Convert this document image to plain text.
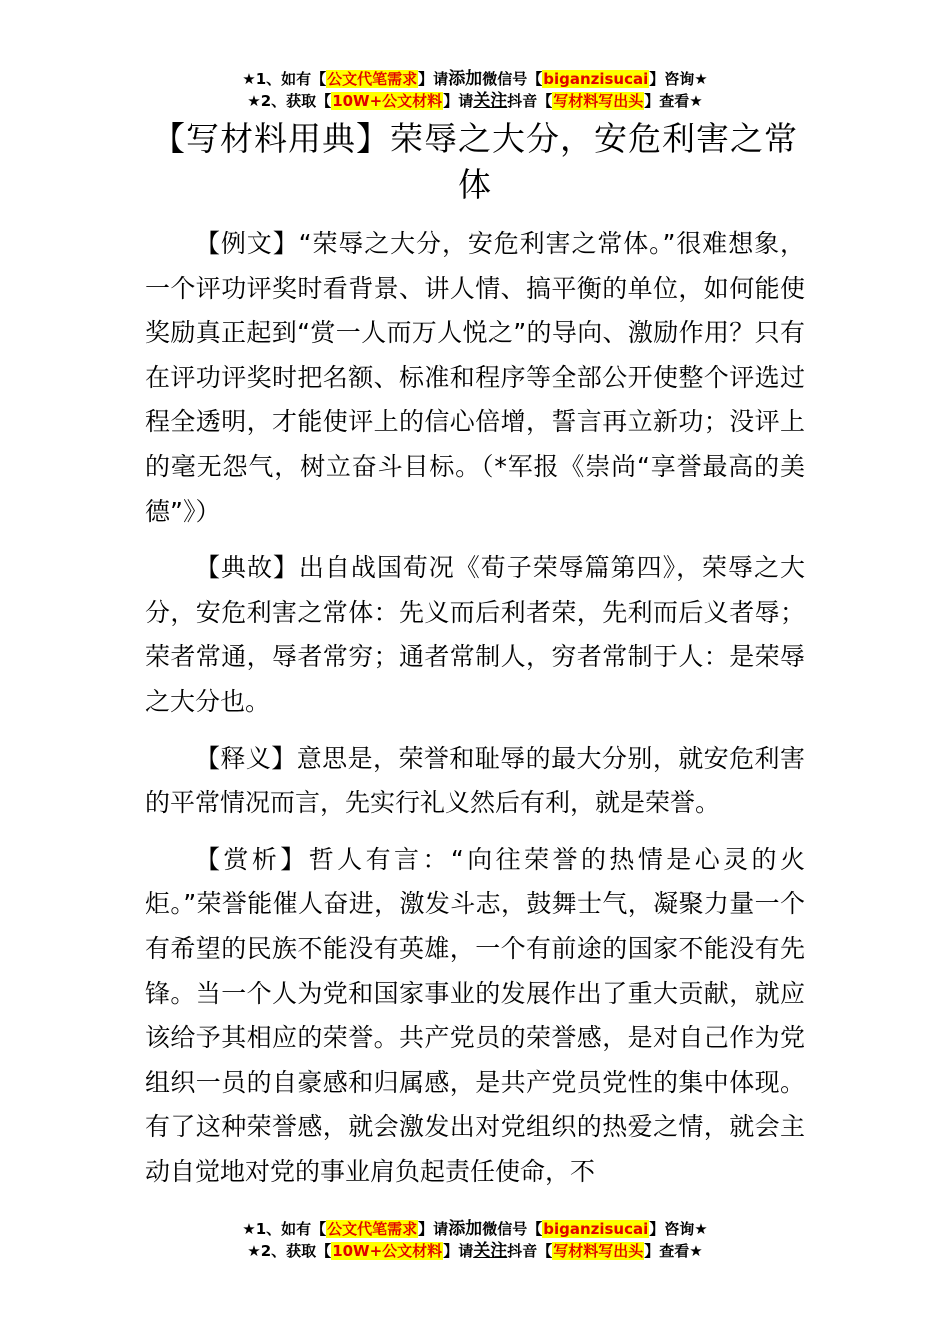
★1、如有【公文代笔需求】请添加微信号【biganzisucai】咨询★
★2、获取【10W+公文材料】请关注抖音【写材料写出头】查看★
【写材料用典】荣辱之大分，安危利害之常体

【例文】“荣辱之大分，安危利害之常体。”很难想象，一个评功评奖时看背景、讲人情、搞平衡的单位，如何能使奖励真正起到“赏一人而万人悦之”的导向、激励作用？只有在评功评奖时把名额、标准和程序等全部公开使整个评选过程全透明，才能使评上的信心倍增，誓言再立新功；没评上的毫无怨气，树立奋斗目标。（*军报《崇尚“享誉最高的美德”》）

【典故】出自战国荀况《荀子荣辱篇第四》，荣辱之大分，安危利害之常体：先义而后利者荣，先利而后义者辱；荣者常通，辱者常穷；通者常制人，穷者常制于人：是荣辱之大分也。

【释义】意思是，荣誉和耻辱的最大分别，就安危利害的平常情况而言，先实行礼义然后有利，就是荣誉。

【赏析】哲人有言：“向往荣誉的热情是心灵的火炬。”荣誉能催人奋进，激发斗志，鼓舞士气，凝聚力量一个有希望的民族不能没有英雄，一个有前途的国家不能没有先锋。当一个人为党和国家事业的发展作出了重大贡献，就应该给予其相应的荣誉。共产党员的荣誉感，是对自己作为党组织一员的自豪感和归属感，是共产党员党性的集中体现。有了这种荣誉感，就会激发出对党组织的热爱之情，就会主动自觉地对党的事业肩负起责任使命，不

★1、如有【公文代笔需求】请添加微信号【biganzisucai】咨询★
★2、获取【10W+公文材料】请关注抖音【写材料写出头】查看★
